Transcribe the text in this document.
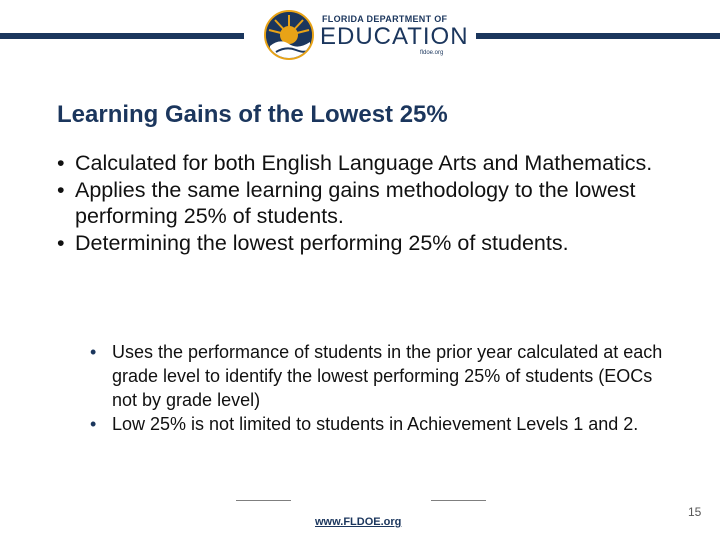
FLORIDA DEPARTMENT OF
EDUCATION
fldoe.org
Learning Gains of the Lowest 25%
• Calculated for both English Language Arts and Mathematics.
• Applies the same learning gains methodology to the lowest performing 25% of students.
• Determining the lowest performing 25% of students.
• Uses the performance of students in the prior year calculated at each grade level to identify the lowest performing 25% of students (EOCs not by grade level)
• Low 25% is not limited to students in Achievement Levels 1 and 2.
www.FLDOE.org
15
